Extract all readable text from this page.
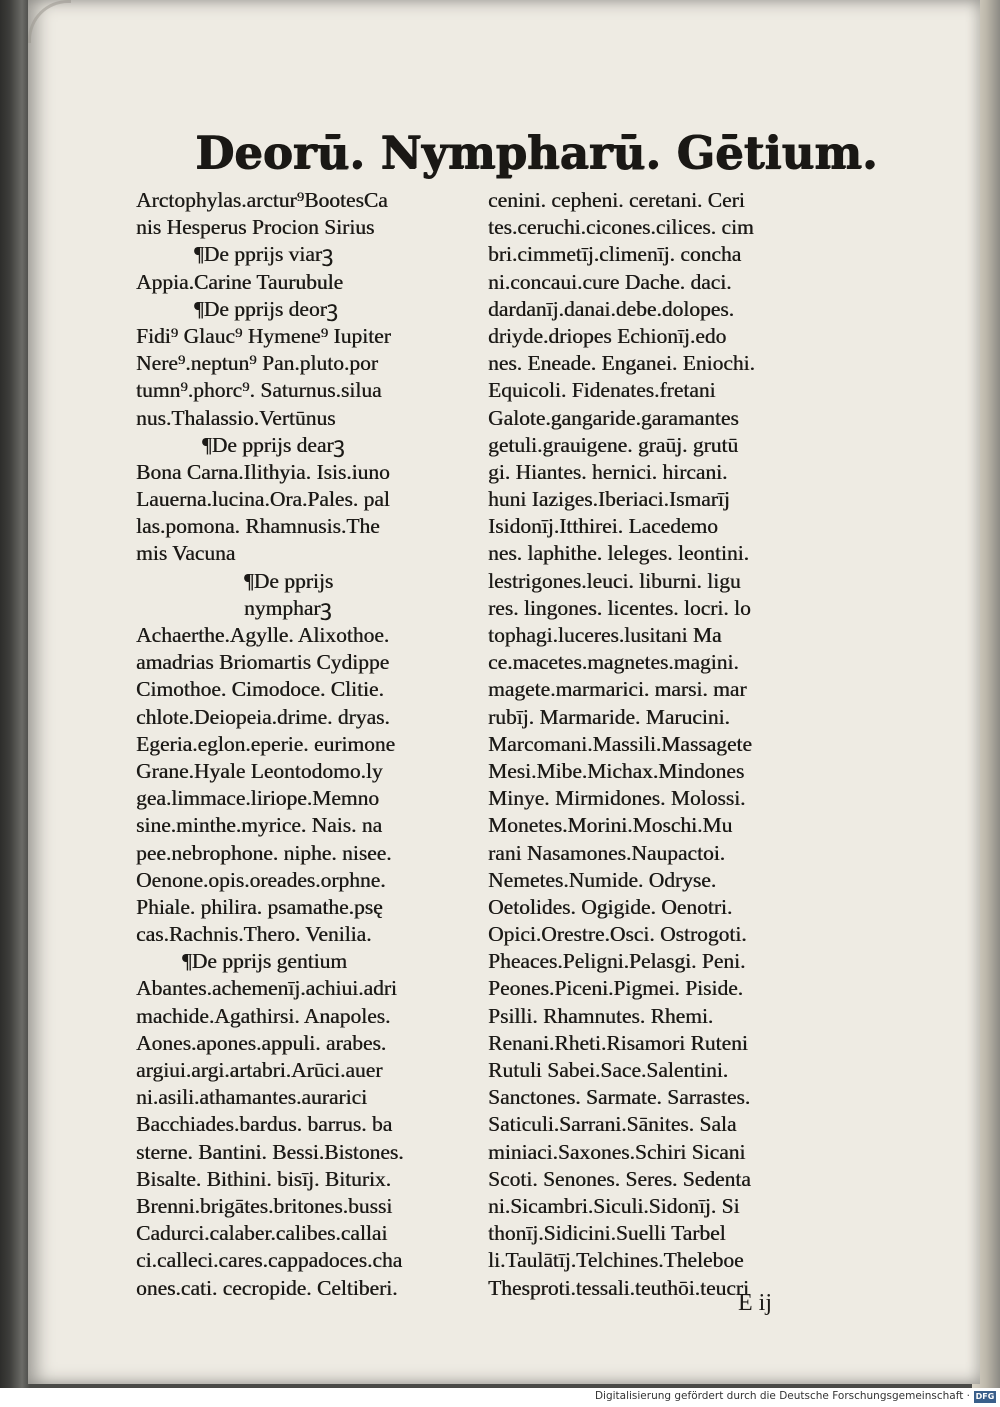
Deorū. Nympharū. Gētium.
Arctophylas.arctur⁹BootesCa
nis Hesperus Procion Sirius
¶De pprijs viarꝫ
Appia.Carine Taurubule
¶De pprijs deorꝫ
Fidi⁹ Glauc⁹ Hymene⁹ Iupiter
Nere⁹.neptun⁹ Pan.pluto.por
tumn⁹.phorc⁹. Saturnus.silua
nus.Thalassio.Vertūnus
¶De pprijs dearꝫ
Bona Carna.Ilithyia. Isis.iuno
Lauerna.lucina.Ora.Pales. pal
las.pomona. Rhamnusis.The
mis Vacuna
¶De pprijs
nympharꝫ
Achaerthe.Agylle. Alixothoe.
amadrias Briomartis Cydippe
Cimothoe. Cimodoce. Clitie.
chlote.Deiopeia.drime. dryas.
Egeria.eglon.eperie. eurimone
Grane.Hyale Leontodomo.ly
gea.limmace.liriope.Memno
sine.minthe.myrice. Nais. na
pee.nebrophone. niphe. nisee.
Oenone.opis.oreades.orphne.
Phiale. philira. psamathe.psę
cas.Rachnis.Thero. Venilia.
¶De pprijs gentium
Abantes.achemenīj.achiui.adri
machide.Agathirsi. Anapoles.
Aones.apones.appuli. arabes.
argiui.argi.artabri.Arūci.auer
ni.asili.athamantes.aurarici
Bacchiades.bardus. barrus. ba
sterne. Bantini. Bessi.Bistones.
Bisalte. Bithini. bisīj. Biturix.
Brenni.brigātes.britones.bussi
Cadurci.calaber.calibes.callai
ci.calleci.cares.cappadoces.cha
ones.cati. cecropide. Celtiberi.
cenini. cepheni. ceretani. Ceri
tes.ceruchi.cicones.cilices. cim
bri.cimmetīj.climenīj. concha
ni.concaui.cure Dache. daci.
dardanīj.danai.debe.dolopes.
driyde.driopes Echionīj.edo
nes. Eneade. Enganei. Eniochi.
Equicoli. Fidenates.fretani
Galote.gangaride.garamantes
getuli.grauigene. graūj. grutū
gi. Hiantes. hernici. hircani.
huni Iaziges.Iberiaci.Ismarīj
Isidonīj.Itthirei. Lacedemo
nes. laphithe. leleges. leontini.
lestrigones.leuci. liburni. ligu
res. lingones. licentes. locri. lo
tophagi.luceres.lusitani Ma
ce.macetes.magnetes.magini.
magete.marmarici. marsi. mar
rubīj. Marmaride. Marucini.
Marcomani.Massili.Massagete
Mesi.Mibe.Michax.Mindones
Minye. Mirmidones. Molossi.
Monetes.Morini.Moschi.Mu
rani Nasamones.Naupactoi.
Nemetes.Numide. Odryse.
Oetolides. Ogigide. Oenotri.
Opici.Orestre.Osci. Ostrogoti.
Pheaces.Peligni.Pelasgi. Peni.
Peones.Piceni.Pigmei. Piside.
Psilli. Rhamnutes. Rhemi.
Renani.Rheti.Risamori Ruteni
Rutuli Sabei.Sace.Salentini.
Sanctones. Sarmate. Sarrastes.
Saticuli.Sarrani.Sānites. Sala
miniaci.Saxones.Schiri Sicani
Scoti. Senones. Seres. Sedenta
ni.Sicambri.Siculi.Sidonīj. Si
thonīj.Sidicini.Suelli Tarbel
li.Taulātīj.Telchines.Theleboe
Thesproti.tessali.teuthōi.teucri
E ij
Digitalisierung gefördert durch die Deutsche Forschungsgemeinschaft · DFG
